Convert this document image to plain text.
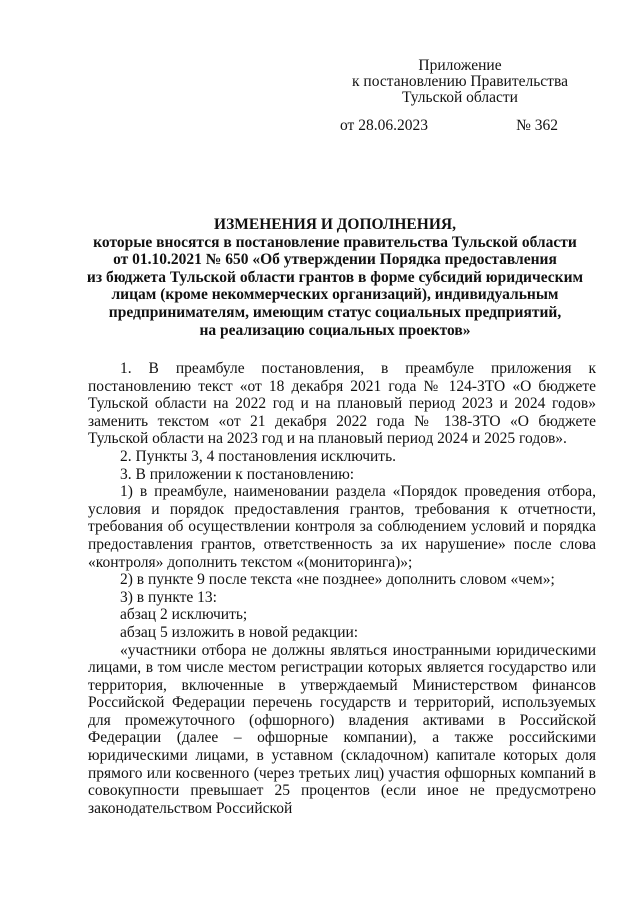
Приложение
к постановлению Правительства
Тульской области
от 28.06.2023	№ 362
ИЗМЕНЕНИЯ И ДОПОЛНЕНИЯ,
которые вносятся в постановление правительства Тульской области
от 01.10.2021 № 650 «Об утверждении Порядка предоставления
из бюджета Тульской области грантов в форме субсидий юридическим
лицам (кроме некоммерческих организаций), индивидуальным
предпринимателям, имеющим статус социальных предприятий,
на реализацию социальных проектов»

1. В преамбуле постановления, в преамбуле приложения к постановлению текст «от 18 декабря 2021 года № 124-ЗТО «О бюджете Тульской области на 2022 год и на плановый период 2023 и 2024 годов» заменить текстом «от 21 декабря 2022 года № 138-ЗТО «О бюджете Тульской области на 2023 год и на плановый период 2024 и 2025 годов».

2. Пункты 3, 4 постановления исключить.

3. В приложении к постановлению:

1) в преамбуле, наименовании раздела «Порядок проведения отбора, условия и порядок предоставления грантов, требования к отчетности, требования об осуществлении контроля за соблюдением условий и порядка предоставления грантов, ответственность за их нарушение» после слова «контроля» дополнить текстом «(мониторинга)»;

2) в пункте 9 после текста «не позднее» дополнить словом «чем»;

3) в пункте 13:

абзац 2 исключить;

абзац 5 изложить в новой редакции:

«участники отбора не должны являться иностранными юридическими лицами, в том числе местом регистрации которых является государство или территория, включенные в утверждаемый Министерством финансов Российской Федерации перечень государств и территорий, используемых для промежуточного (офшорного) владения активами в Российской Федерации (далее – офшорные компании), а также российскими юридическими лицами, в уставном (складочном) капитале которых доля прямого или косвенного (через третьих лиц) участия офшорных компаний в совокупности превышает 25 процентов (если иное не предусмотрено законодательством Российской
